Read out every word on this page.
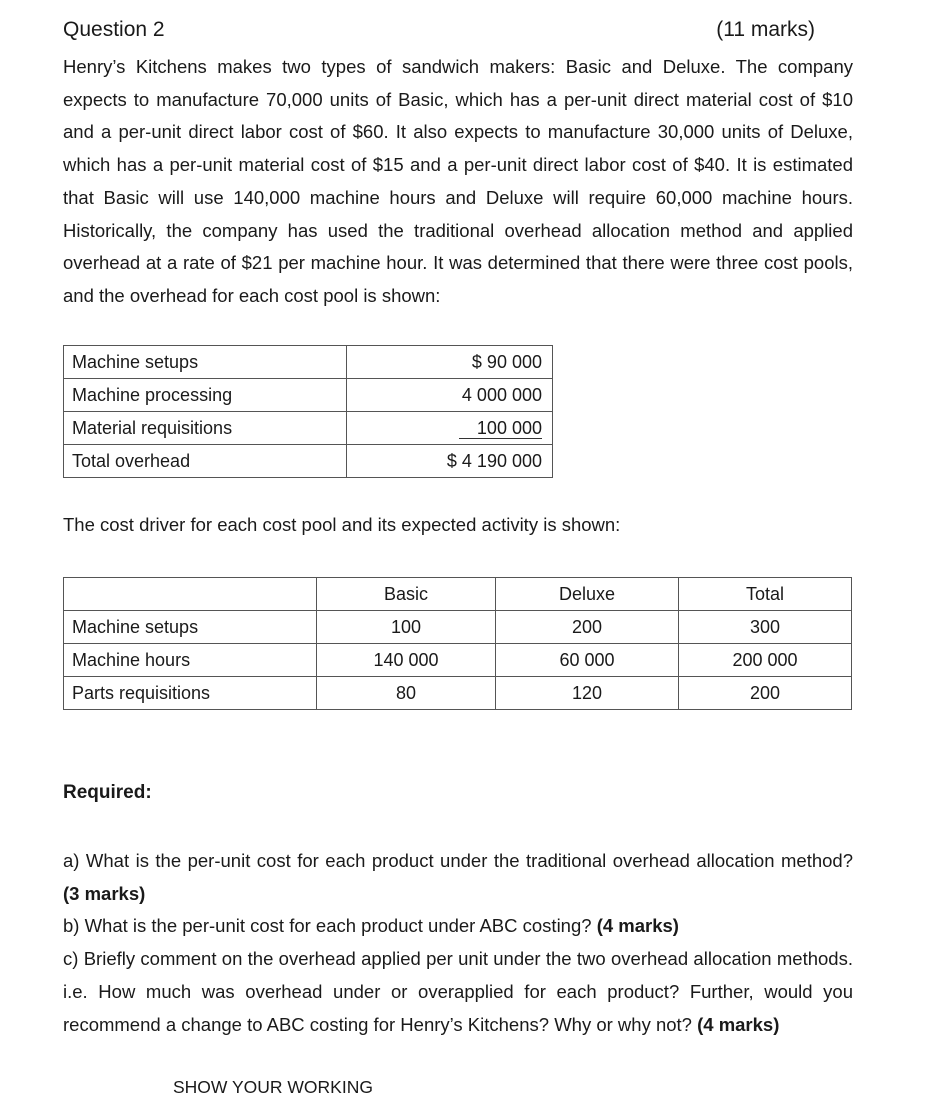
Question 2	(11 marks)

Henry’s Kitchens makes two types of sandwich makers: Basic and Deluxe. The company expects to manufacture 70,000 units of Basic, which has a per-unit direct material cost of $10 and a per-unit direct labor cost of $60. It also expects to manufacture 30,000 units of Deluxe, which has a per-unit material cost of $15 and a per-unit direct labor cost of $40. It is estimated that Basic will use 140,000 machine hours and Deluxe will require 60,000 machine hours. Historically, the company has used the traditional overhead allocation method and applied overhead at a rate of $21 per machine hour. It was determined that there were three cost pools, and the overhead for each cost pool is shown:

Machine setups	$ 90 000
Machine processing	4 000 000
Material requisitions	100 000
Total overhead	$ 4 190 000
The cost driver for each cost pool and its expected activity is shown:
	Basic	Deluxe	Total
Machine setups	100	200	300
Machine hours	140 000	60 000	200 000
Parts requisitions	80	120	200
Required:

a) What is the per-unit cost for each product under the traditional overhead allocation method? (3 marks)

b) What is the per-unit cost for each product under ABC costing? (4 marks)

c) Briefly comment on the overhead applied per unit under the two overhead allocation methods. i.e. How much was overhead under or overapplied for each product? Further, would you recommend a change to ABC costing for Henry’s Kitchens? Why or why not? (4 marks)

SHOW YOUR WORKING
